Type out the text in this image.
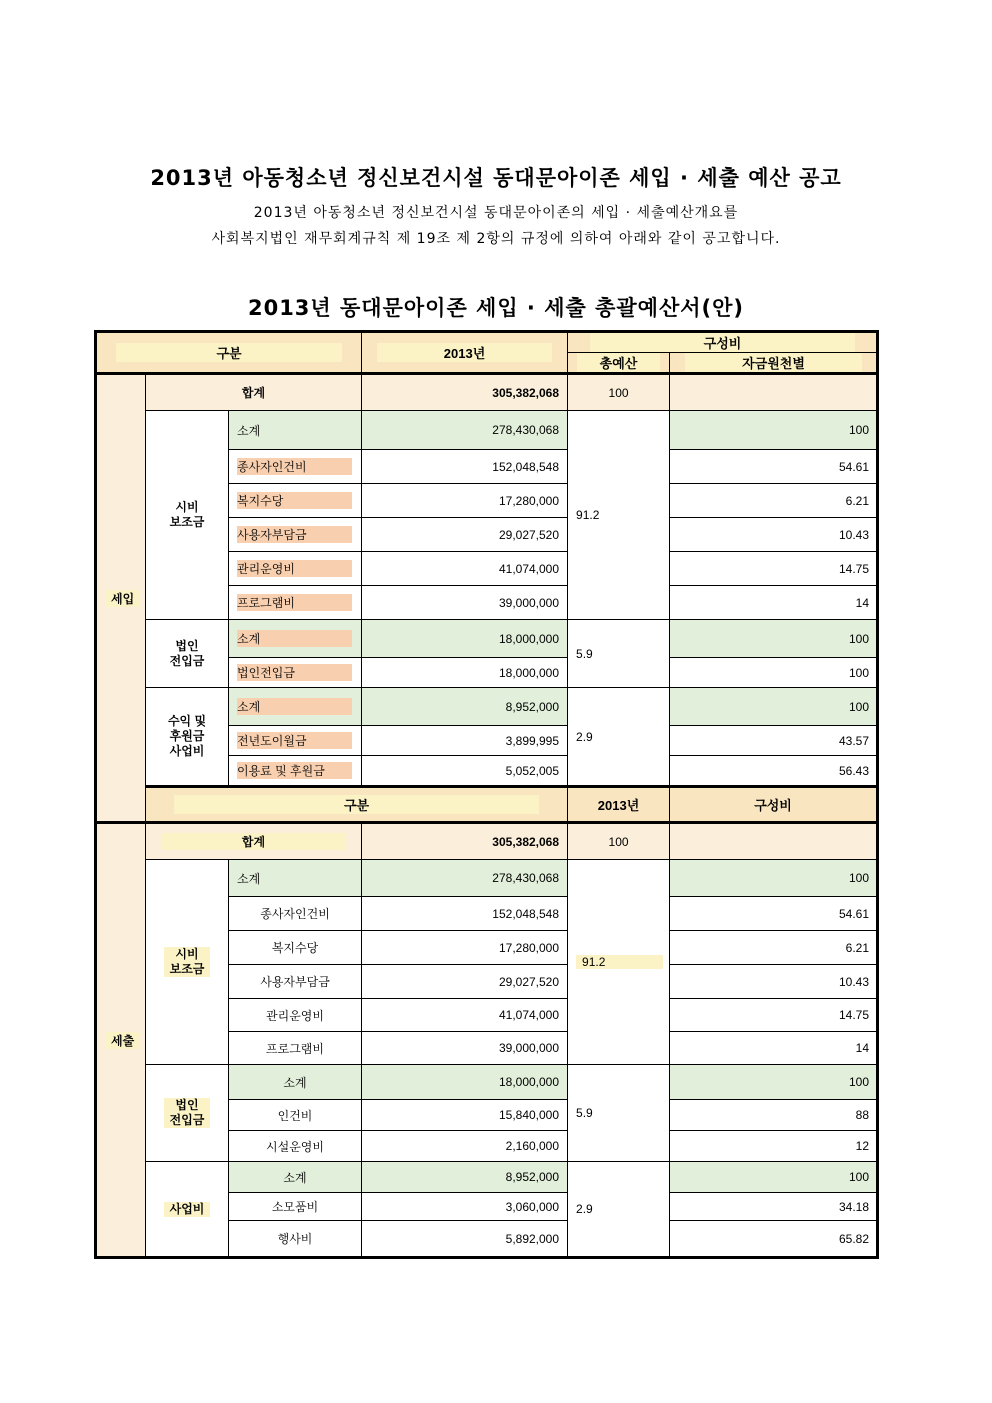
2013년 아동청소년 정신보건시설 동대문아이존 세입 · 세출 예산 공고
2013년 아동청소년 정신보건시설 동대문아이존의 세입 · 세출예산개요를
사회복지법인 재무회계규칙 제 19조 제 2항의 규정에 의하여 아래와 같이 공고합니다.
2013년 동대문아이존 세입 · 세출 총괄예산서(안)
구분			2013년	구성비	
				총예산	자금원천별
세입	합계		305,382,068	100	
	시비
보조금	소계	278,430,068	91.2	100
		종사자인건비	152,048,548		54.61
		복지수당	17,280,000		6.21
		사용자부담금	29,027,520		10.43
		관리운영비	41,074,000		14.75
		프로그램비	39,000,000		14
	법인
전입금	소계	18,000,000	5.9	100
		법인전입금	18,000,000		100
	수익 및
후원금
사업비	소계	8,952,000	2.9	100
		전년도이월금	3,899,995		43.57
		이용료 및 후원금	5,052,005		56.43
	구분			2013년	구성비
세출	합계		305,382,068	100	
	시비
보조금	소계	278,430,068	91.2	100
		종사자인건비	152,048,548		54.61
		복지수당	17,280,000		6.21
		사용자부담금	29,027,520		10.43
		관리운영비	41,074,000		14.75
		프로그램비	39,000,000		14
	법인
전입금	소계	18,000,000	5.9	100
		인건비	15,840,000		88
		시설운영비	2,160,000		12
	사업비	소계	8,952,000	2.9	100
		소모품비	3,060,000		34.18
		행사비	5,892,000		65.82
